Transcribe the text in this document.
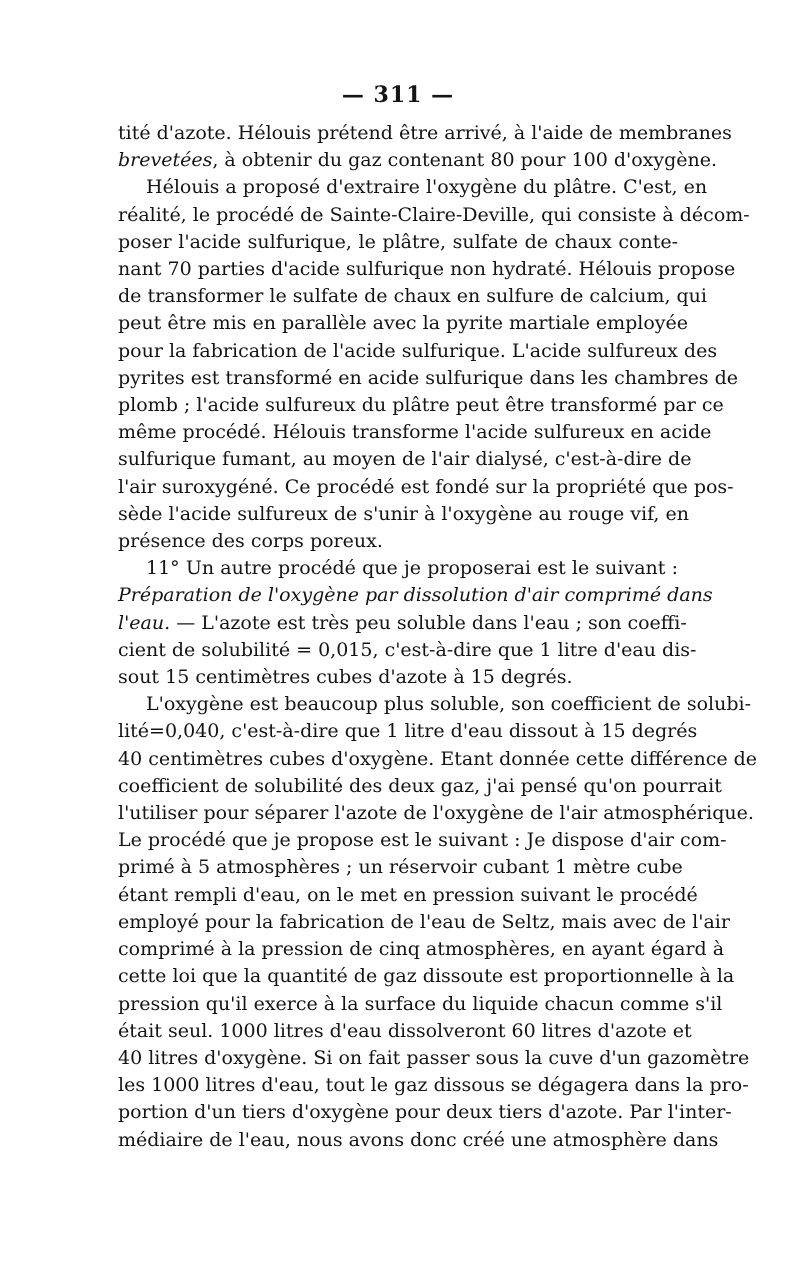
— 311 —
tité d'azote. Hélouis prétend être arrivé, à l'aide de membranes
brevetées, à obtenir du gaz contenant 80 pour 100 d'oxygène.
Hélouis a proposé d'extraire l'oxygène du plâtre. C'est, en
réalité, le procédé de Sainte-Claire-Deville, qui consiste à décom-
poser l'acide sulfurique, le plâtre, sulfate de chaux conte-
nant 70 parties d'acide sulfurique non hydraté. Hélouis propose
de transformer le sulfate de chaux en sulfure de calcium, qui
peut être mis en parallèle avec la pyrite martiale employée
pour la fabrication de l'acide sulfurique. L'acide sulfureux des
pyrites est transformé en acide sulfurique dans les chambres de
plomb ; l'acide sulfureux du plâtre peut être transformé par ce
même procédé. Hélouis transforme l'acide sulfureux en acide
sulfurique fumant, au moyen de l'air dialysé, c'est-à-dire de
l'air suroxygéné. Ce procédé est fondé sur la propriété que pos-
sède l'acide sulfureux de s'unir à l'oxygène au rouge vif, en
présence des corps poreux.
11° Un autre procédé que je proposerai est le suivant :
Préparation de l'oxygène par dissolution d'air comprimé dans
l'eau. — L'azote est très peu soluble dans l'eau ; son coeffi-
cient de solubilité = 0,015, c'est-à-dire que 1 litre d'eau dis-
sout 15 centimètres cubes d'azote à 15 degrés.
L'oxygène est beaucoup plus soluble, son coefficient de solubi-
lité=0,040, c'est-à-dire que 1 litre d'eau dissout à 15 degrés
40 centimètres cubes d'oxygène. Etant donnée cette différence de
coefficient de solubilité des deux gaz, j'ai pensé qu'on pourrait
l'utiliser pour séparer l'azote de l'oxygène de l'air atmosphérique.
Le procédé que je propose est le suivant : Je dispose d'air com-
primé à 5 atmosphères ; un réservoir cubant 1 mètre cube
étant rempli d'eau, on le met en pression suivant le procédé
employé pour la fabrication de l'eau de Seltz, mais avec de l'air
comprimé à la pression de cinq atmosphères, en ayant égard à
cette loi que la quantité de gaz dissoute est proportionnelle à la
pression qu'il exerce à la surface du liquide chacun comme s'il
était seul. 1000 litres d'eau dissolveront 60 litres d'azote et
40 litres d'oxygène. Si on fait passer sous la cuve d'un gazomètre
les 1000 litres d'eau, tout le gaz dissous se dégagera dans la pro-
portion d'un tiers d'oxygène pour deux tiers d'azote. Par l'inter-
médiaire de l'eau, nous avons donc créé une atmosphère dans
